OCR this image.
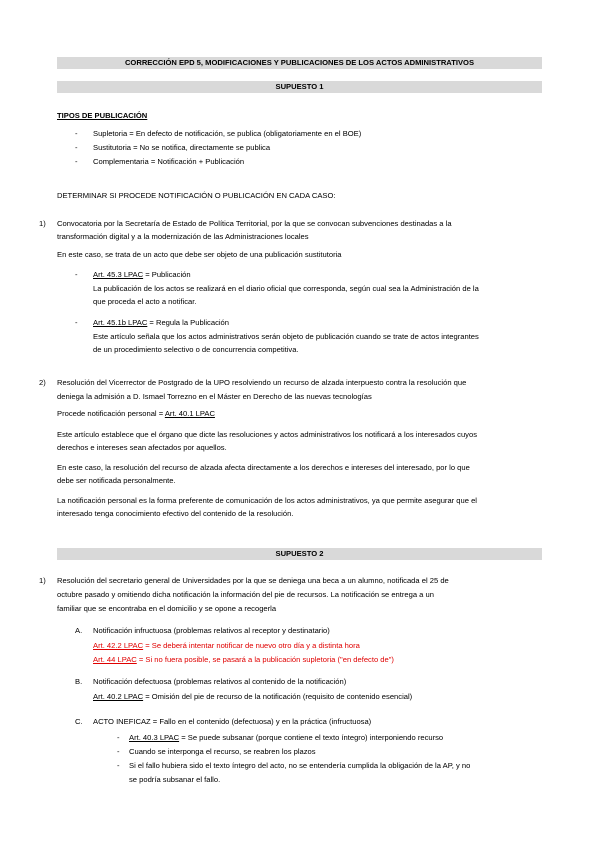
CORRECCIÓN EPD 5, MODIFICACIONES Y PUBLICACIONES DE LOS ACTOS ADMINISTRATIVOS
SUPUESTO 1
TIPOS DE PUBLICACIÓN
- Supletoria = En defecto de notificación, se publica (obligatoriamente en el BOE)
- Sustitutoria = No se notifica, directamente se publica
- Complementaria = Notificación + Publicación
DETERMINAR SI PROCEDE NOTIFICACIÓN O PUBLICACIÓN EN CADA CASO:
1) Convocatoria por la Secretaría de Estado de Política Territorial, por la que se convocan subvenciones destinadas a la
transformación digital y a la modernización de las Administraciones locales
En este caso, se trata de un acto que debe ser objeto de una publicación sustitutoria
- Art. 45.3 LPAC = Publicación
La publicación de los actos se realizará en el diario oficial que corresponda, según cual sea la Administración de la
que proceda el acto a notificar.
- Art. 45.1b LPAC = Regula la Publicación
Este artículo señala que los actos administrativos serán objeto de publicación cuando se trate de actos integrantes
de un procedimiento selectivo o de concurrencia competitiva.
2) Resolución del Vicerrector de Postgrado de la UPO resolviendo un recurso de alzada interpuesto contra la resolución que
deniega la admisión a D. Ismael Torrezno en el Máster en Derecho de las nuevas tecnologías
Procede notificación personal = Art. 40.1 LPAC
Este artículo establece que el órgano que dicte las resoluciones y actos administrativos los notificará a los interesados cuyos
derechos e intereses sean afectados por aquellos.
En este caso, la resolución del recurso de alzada afecta directamente a los derechos e intereses del interesado, por lo que
debe ser notificada personalmente.
La notificación personal es la forma preferente de comunicación de los actos administrativos, ya que permite asegurar que el
interesado tenga conocimiento efectivo del contenido de la resolución.
SUPUESTO 2
1) Resolución del secretario general de Universidades por la que se deniega una beca a un alumno, notificada el 25 de
octubre pasado y omitiendo dicha notificación la información del pie de recursos. La notificación se entrega a un
familiar que se encontraba en el domicilio y se opone a recogerla
A. Notificación infructuosa (problemas relativos al receptor y destinatario)
Art. 42.2 LPAC = Se deberá intentar notificar de nuevo otro día y a distinta hora
Art. 44 LPAC = Si no fuera posible, se pasará a la publicación supletoria ("en defecto de")
B. Notificación defectuosa (problemas relativos al contenido de la notificación)
Art. 40.2 LPAC = Omisión del pie de recurso de la notificación (requisito de contenido esencial)
C. ACTO INEFICAZ = Fallo en el contenido (defectuosa) y en la práctica (infructuosa)
- Art. 40.3 LPAC = Se puede subsanar (porque contiene el texto íntegro) interponiendo recurso
- Cuando se interponga el recurso, se reabren los plazos
- Si el fallo hubiera sido el texto íntegro del acto, no se entendería cumplida la obligación de la AP, y no
se podría subsanar el fallo.
